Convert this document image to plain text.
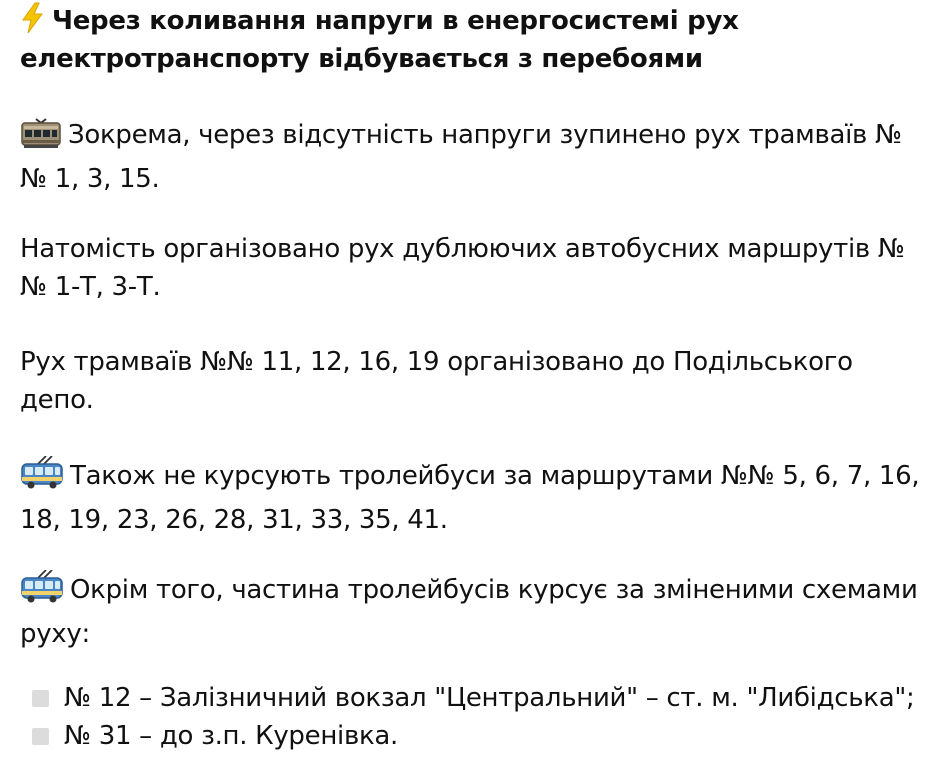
Через коливання напруги в енергосистемі рух електротранспорту відбувається з перебоями
Зокрема, через відсутність напруги зупинено рух трамваїв №№ 1, 3, 15.
Натомість організовано рух дублюючих автобусних маршрутів №№ 1-Т, 3-Т.
Рух трамваїв №№ 11, 12, 16, 19 організовано до Подільського депо.
Також не курсують тролейбуси за маршрутами №№ 5, 6, 7, 16, 18, 19, 23, 26, 28, 31, 33, 35, 41.
Окрім того, частина тролейбусів курсує за зміненими схемами руху:
№ 12 – Залізничний вокзал "Центральний" – ст. м. "Либідська";
№ 31 – до з.п. Куренівка.
